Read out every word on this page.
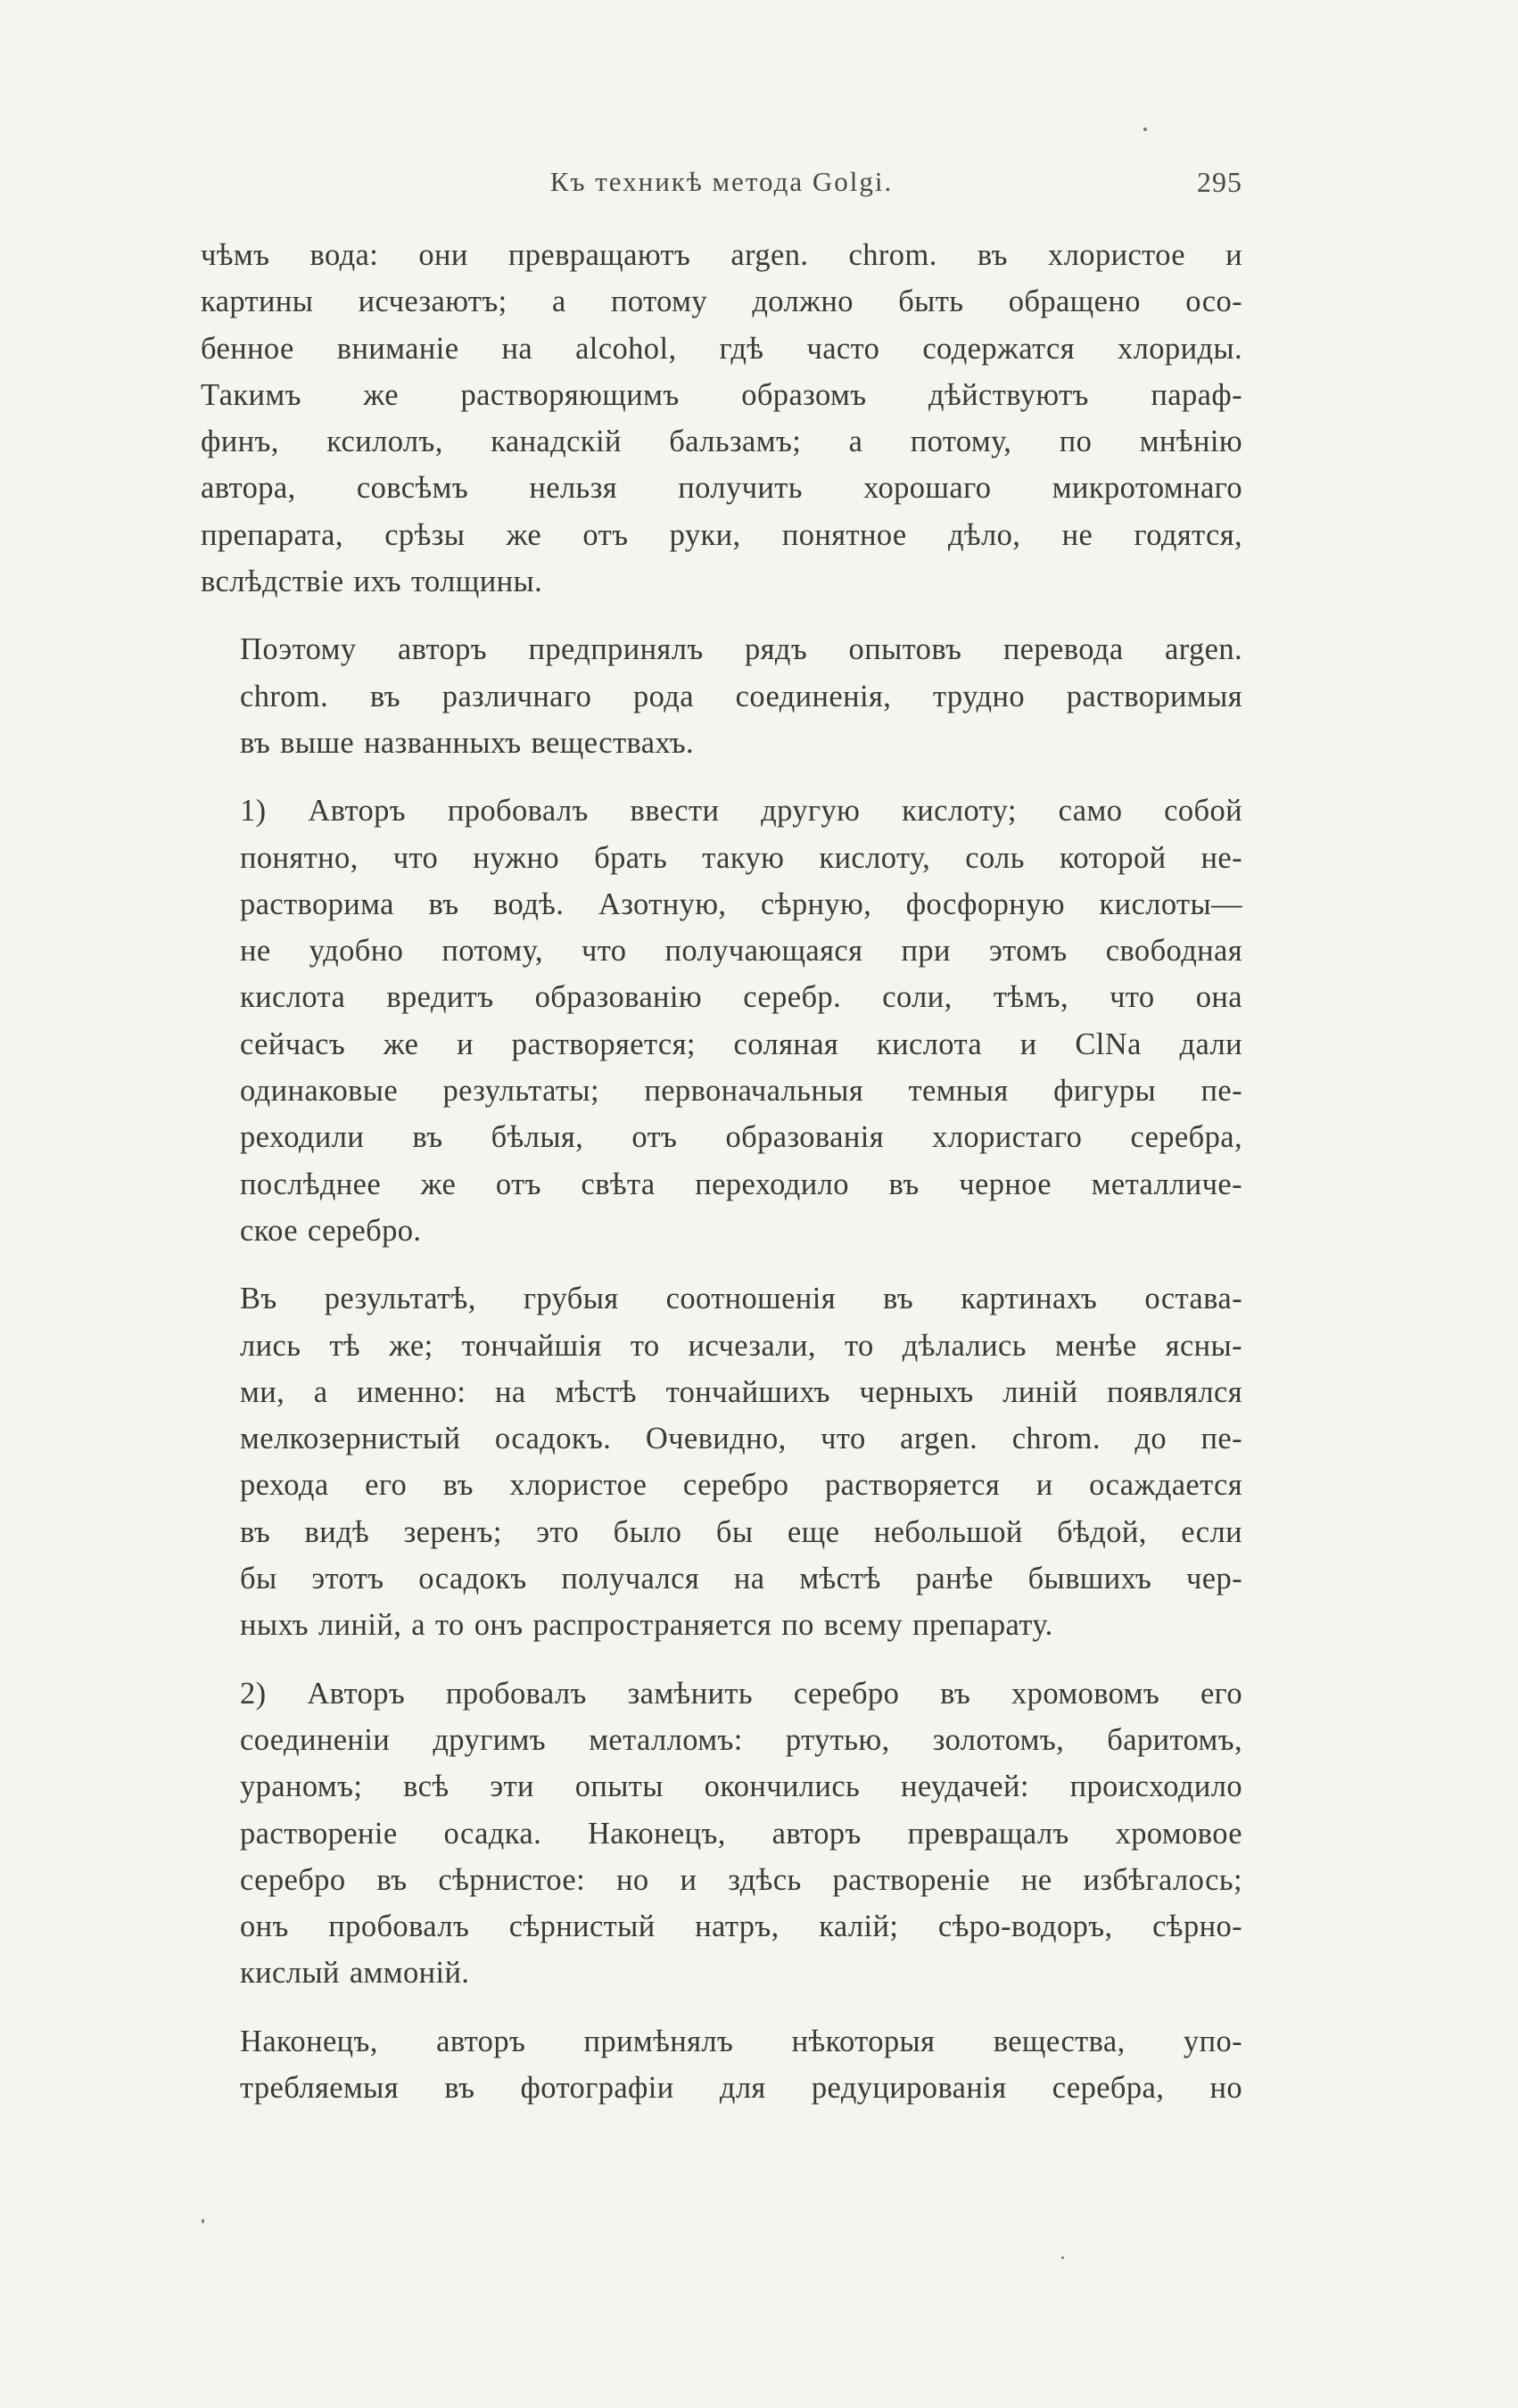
Къ техникѣ метода Golgi.	295
чѣмъ вода: они превращаютъ argen. chrom. въ хлористое и
картины исчезаютъ; а потому должно быть обращено осо-
бенное вниманіе на alcohol, гдѣ часто содержатся хлориды.
Такимъ же растворяющимъ образомъ дѣйствуютъ параф-
финъ, ксилолъ, канадскій бальзамъ; а потому, по мнѣнію
автора, совсѣмъ нельзя получить хорошаго микротомнаго
препарата, срѣзы же отъ руки, понятное дѣло, не годятся,
вслѣдствіе ихъ толщины.
Поэтому авторъ предпринялъ рядъ опытовъ перевода argen.
chrom. въ различнаго рода соединенія, трудно растворимыя
въ выше названныхъ веществахъ.
1) Авторъ пробовалъ ввести другую кислоту; само собой
понятно, что нужно брать такую кислоту, соль которой не-
растворима въ водѣ. Азотную, сѣрную, фосфорную кислоты—
не удобно потому, что получающаяся при этомъ свободная
кислота вредитъ образованію серебр. соли, тѣмъ, что она
сейчасъ же и растворяется; соляная кислота и ClNa дали
одинаковые результаты; первоначальныя темныя фигуры пе-
реходили въ бѣлыя, отъ образованія хлористаго серебра,
послѣднее же отъ свѣта переходило въ черное металличе-
ское серебро.
Въ результатѣ, грубыя соотношенія въ картинахъ остава-
лись тѣ же; тончайшія то исчезали, то дѣлались менѣе ясны-
ми, а именно: на мѣстѣ тончайшихъ черныхъ линій появлялся
мелкозернистый осадокъ. Очевидно, что argen. chrom. до пе-
рехода его въ хлористое серебро растворяется и осаждается
въ видѣ зеренъ; это было бы еще небольшой бѣдой, если
бы этотъ осадокъ получался на мѣстѣ ранѣе бывшихъ чер-
ныхъ линій, а то онъ распространяется по всему препарату.
2) Авторъ пробовалъ замѣнить серебро въ хромовомъ его
соединеніи другимъ металломъ: ртутью, золотомъ, баритомъ,
ураномъ; всѣ эти опыты окончились неудачей: происходило
раствореніе осадка. Наконецъ, авторъ превращалъ хромовое
серебро въ сѣрнистое: но и здѣсь раствореніе не избѣгалось;
онъ пробовалъ сѣрнистый натръ, калій; сѣро-водоръ, сѣрно-
кислый аммоній.
Наконецъ, авторъ примѣнялъ нѣкоторыя вещества, упо-
требляемыя въ фотографіи для редуцированія серебра, но
